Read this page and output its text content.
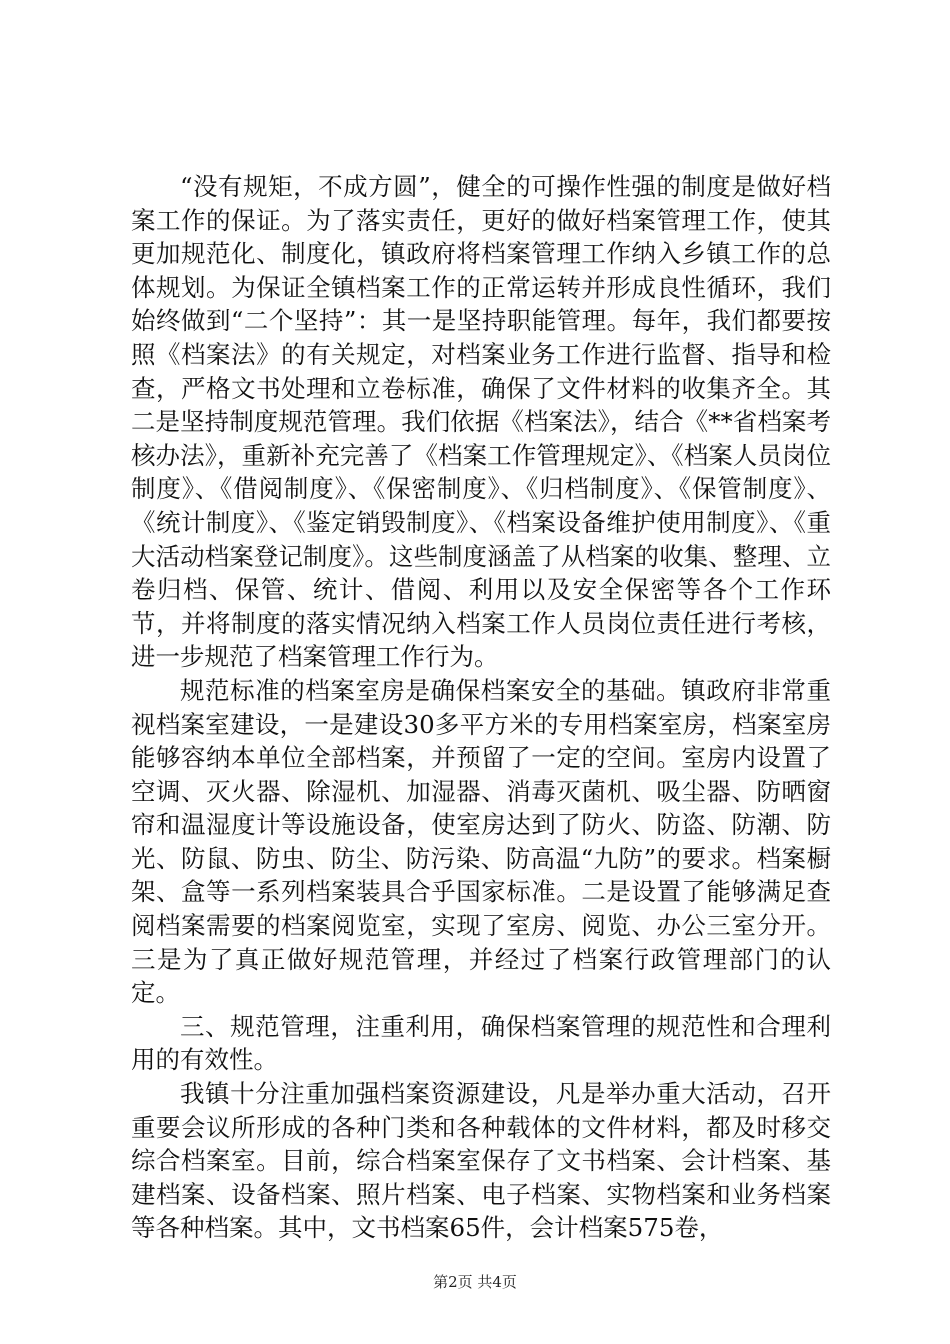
“没有规矩，不成方圆”，健全的可操作性强的制度是做好档案工作的保证。为了落实责任，更好的做好档案管理工作，使其更加规范化、制度化，镇政府将档案管理工作纳入乡镇工作的总体规划。为保证全镇档案工作的正常运转并形成良性循环，我们始终做到“二个坚持”：其一是坚持职能管理。每年，我们都要按照《档案法》的有关规定，对档案业务工作进行监督、指导和检查，严格文书处理和立卷标准，确保了文件材料的收集齐全。其二是坚持制度规范管理。我们依据《档案法》，结合《**省档案考核办法》，重新补充完善了《档案工作管理规定》、《档案人员岗位制度》、《借阅制度》、《保密制度》、《归档制度》、《保管制度》、《统计制度》、《鉴定销毁制度》、《档案设备维护使用制度》、《重大活动档案登记制度》。这些制度涵盖了从档案的收集、整理、立卷归档、保管、统计、借阅、利用以及安全保密等各个工作环节，并将制度的落实情况纳入档案工作人员岗位责任进行考核，进一步规范了档案管理工作行为。

规范标准的档案室房是确保档案安全的基础。镇政府非常重视档案室建设，一是建设30多平方米的专用档案室房，档案室房能够容纳本单位全部档案，并预留了一定的空间。室房内设置了空调、灭火器、除湿机、加湿器、消毒灭菌机、吸尘器、防晒窗帘和温湿度计等设施设备，使室房达到了防火、防盗、防潮、防光、防鼠、防虫、防尘、防污染、防高温“九防”的要求。档案橱架、盒等一系列档案装具合乎国家标准。二是设置了能够满足查阅档案需要的档案阅览室，实现了室房、阅览、办公三室分开。三是为了真正做好规范管理，并经过了档案行政管理部门的认定。

三、规范管理，注重利用，确保档案管理的规范性和合理利用的有效性。

我镇十分注重加强档案资源建设，凡是举办重大活动，召开重要会议所形成的各种门类和各种载体的文件材料，都及时移交综合档案室。目前，综合档案室保存了文书档案、会计档案、基建档案、设备档案、照片档案、电子档案、实物档案和业务档案等各种档案。其中，文书档案65件，会计档案575卷，

第2页 共4页
